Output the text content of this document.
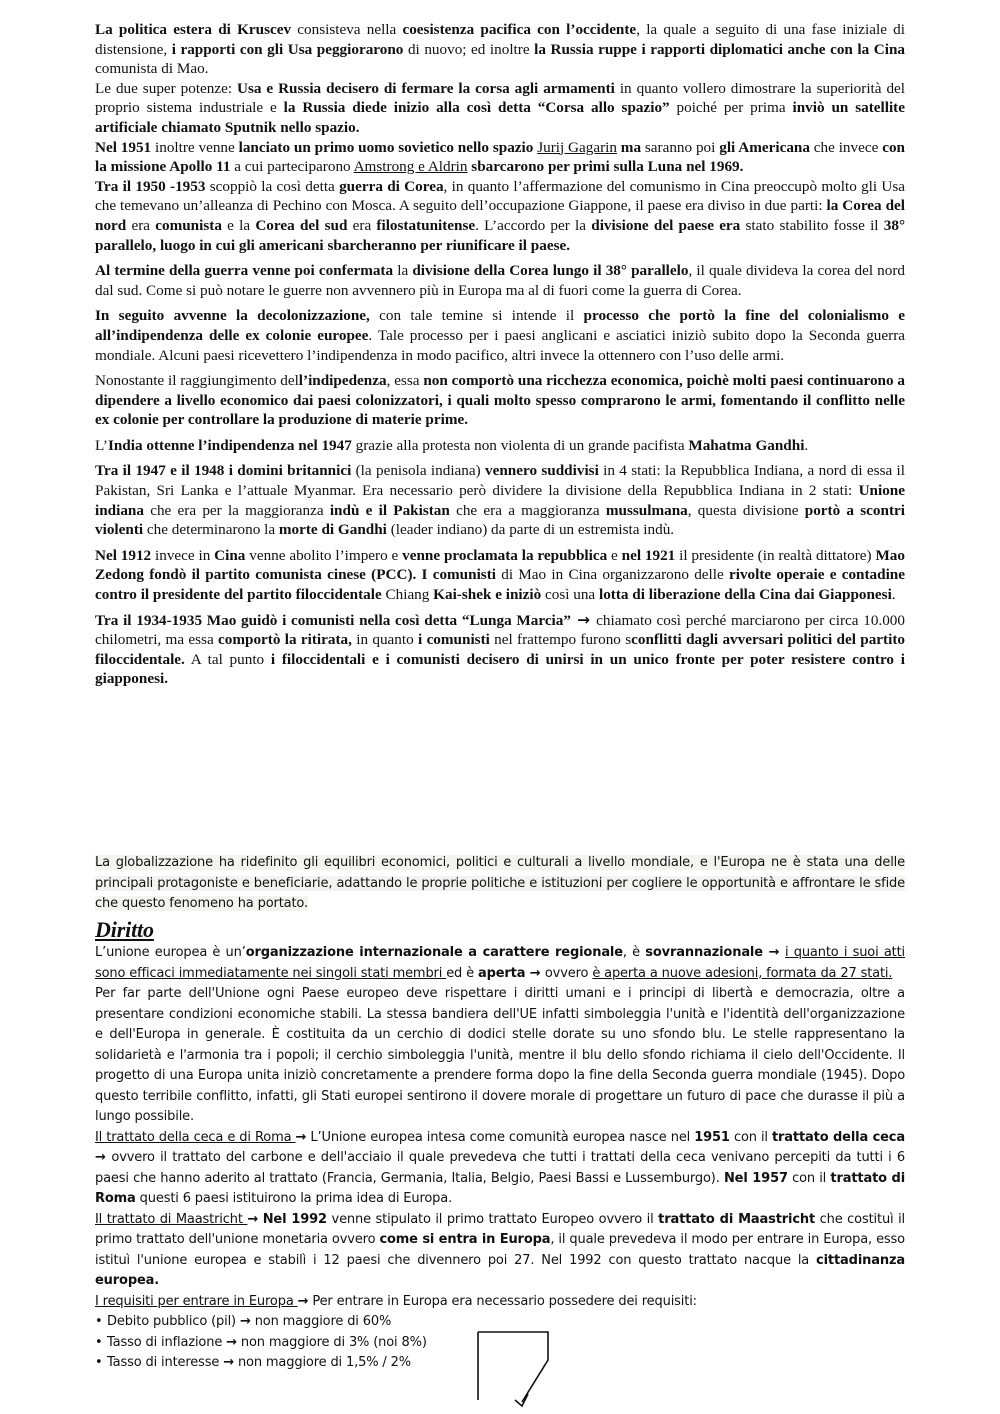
La politica estera di Kruscev consisteva nella coesistenza pacifica con l’occidente, la quale a seguito di una fase iniziale di distensione, i rapporti con gli Usa peggiorarono di nuovo; ed inoltre la Russia ruppe i rapporti diplomatici anche con la Cina comunista di Mao.

Le due super potenze: Usa e Russia decisero di fermare la corsa agli armamenti in quanto vollero dimostrare la superiorità del proprio sistema industriale e la Russia diede inizio alla così detta “Corsa allo spazio” poiché per prima inviò un satellite artificiale chiamato Sputnik nello spazio.

Nel 1951 inoltre venne lanciato un primo uomo sovietico nello spazio Jurij Gagarin ma saranno poi gli Americana che invece con la missione Apollo 11 a cui parteciparono Amstrong e Aldrin sbarcarono per primi sulla Luna nel 1969.

Tra il 1950 -1953 scoppiò la così detta guerra di Corea, in quanto l’affermazione del comunismo in Cina preoccupò molto gli Usa che temevano un’alleanza di Pechino con Mosca. A seguito dell’occupazione Giappone, il paese era diviso in due parti: la Corea del nord era comunista e la Corea del sud era filostatunitense. L’accordo per la divisione del paese era stato stabilito fosse il 38° parallelo, luogo in cui gli americani sbarcheranno per riunificare il paese.

Al termine della guerra venne poi confermata la divisione della Corea lungo il 38° parallelo, il quale divideva la corea del nord dal sud. Come si può notare le guerre non avvennero più in Europa ma al di fuori come la guerra di Corea.

In seguito avvenne la decolonizzazione, con tale temine si intende il processo che portò la fine del colonialismo e all’indipendenza delle ex colonie europee. Tale processo per i paesi anglicani e asciatici iniziò subito dopo la Seconda guerra mondiale. Alcuni paesi ricevettero l’indipendenza in modo pacifico, altri invece la ottennero con l’uso delle armi.

Nonostante il raggiungimento dell’indipedenza, essa non comportò una ricchezza economica, poichè molti paesi continuarono a dipendere a livello economico dai paesi colonizzatori, i quali molto spesso comprarono le armi, fomentando il conflitto nelle ex colonie per controllare la produzione di materie prime.

L’India ottenne l’indipendenza nel 1947 grazie alla protesta non violenta di un grande pacifista Mahatma Gandhi.

Tra il 1947 e il 1948 i domini britannici (la penisola indiana) vennero suddivisi in 4 stati: la Repubblica Indiana, a nord di essa il Pakistan, Sri Lanka e l’attuale Myanmar. Era necessario però dividere la divisione della Repubblica Indiana in 2 stati: Unione indiana che era per la maggioranza indù e il Pakistan che era a maggioranza mussulmana, questa divisione portò a scontri violenti che determinarono la morte di Gandhi (leader indiano) da parte di un estremista indù.

Nel 1912 invece in Cina venne abolito l’impero e venne proclamata la repubblica e nel 1921 il presidente (in realtà dittatore) Mao Zedong fondò il partito comunista cinese (PCC). I comunisti di Mao in Cina organizzarono delle rivolte operaie e contadine contro il presidente del partito filoccidentale Chiang Kai-shek e iniziò così una lotta di liberazione della Cina dai Giapponesi.

Tra il 1934-1935 Mao guidò i comunisti nella così detta “Lunga Marcia” → chiamato così perché marciarono per circa 10.000 chilometri, ma essa comportò la ritirata, in quanto i comunisti nel frattempo furono sconflitti dagli avversari politici del partito filoccidentale. A tal punto i filoccidentali e i comunisti decisero di unirsi in un unico fronte per poter resistere contro i giapponesi.

La globalizzazione ha ridefinito gli equilibri economici, politici e culturali a livello mondiale, e l'Europa ne è stata una delle principali protagoniste e beneficiarie, adattando le proprie politiche e istituzioni per cogliere le opportunità e affrontare le sfide che questo fenomeno ha portato.

Diritto

L’unione europea è un’organizzazione internazionale a carattere regionale, è sovrannazionale → i quanto i suoi atti sono efficaci immediatamente nei singoli stati membri ed è aperta → ovvero è aperta a nuove adesioni, formata da 27 stati.

Per far parte dell'Unione ogni Paese europeo deve rispettare i diritti umani e i principi di libertà e democrazia, oltre a presentare condizioni economiche stabili. La stessa bandiera dell'UE infatti simboleggia l'unità e l'identità dell'organizzazione e dell'Europa in generale. È costituita da un cerchio di dodici stelle dorate su uno sfondo blu. Le stelle rappresentano la solidarietà e l'armonia tra i popoli; il cerchio simboleggia l'unità, mentre il blu dello sfondo richiama il cielo dell'Occidente. Il progetto di una Europa unita iniziò concretamente a prendere forma dopo la fine della Seconda guerra mondiale (1945). Dopo questo terribile conflitto, infatti, gli Stati europei sentirono il dovere morale di progettare un futuro di pace che durasse il più a lungo possibile.

Il trattato della ceca e di Roma → L’Unione europea intesa come comunità europea nasce nel 1951 con il trattato della ceca → ovvero il trattato del carbone e dell'acciaio il quale prevedeva che tutti i trattati della ceca venivano percepiti da tutti i 6 paesi che hanno aderito al trattato (Francia, Germania, Italia, Belgio, Paesi Bassi e Lussemburgo). Nel 1957 con il trattato di Roma questi 6 paesi istituirono la prima idea di Europa.

Il trattato di Maastricht → Nel 1992 venne stipulato il primo trattato Europeo ovvero il trattato di Maastricht che costituì il primo trattato dell'unione monetaria ovvero come si entra in Europa, il quale prevedeva il modo per entrare in Europa, esso istituì l'unione europea e stabilì i 12 paesi che divennero poi 27. Nel 1992 con questo trattato nacque la cittadinanza europea.

I requisiti per entrare in Europa → Per entrare in Europa era necessario possedere dei requisiti:

• Debito pubblico (pil) → non maggiore di 60%
• Tasso di inflazione → non maggiore di 3% (noi 8%)
• Tasso di interesse → non maggiore di 1,5% / 2%
